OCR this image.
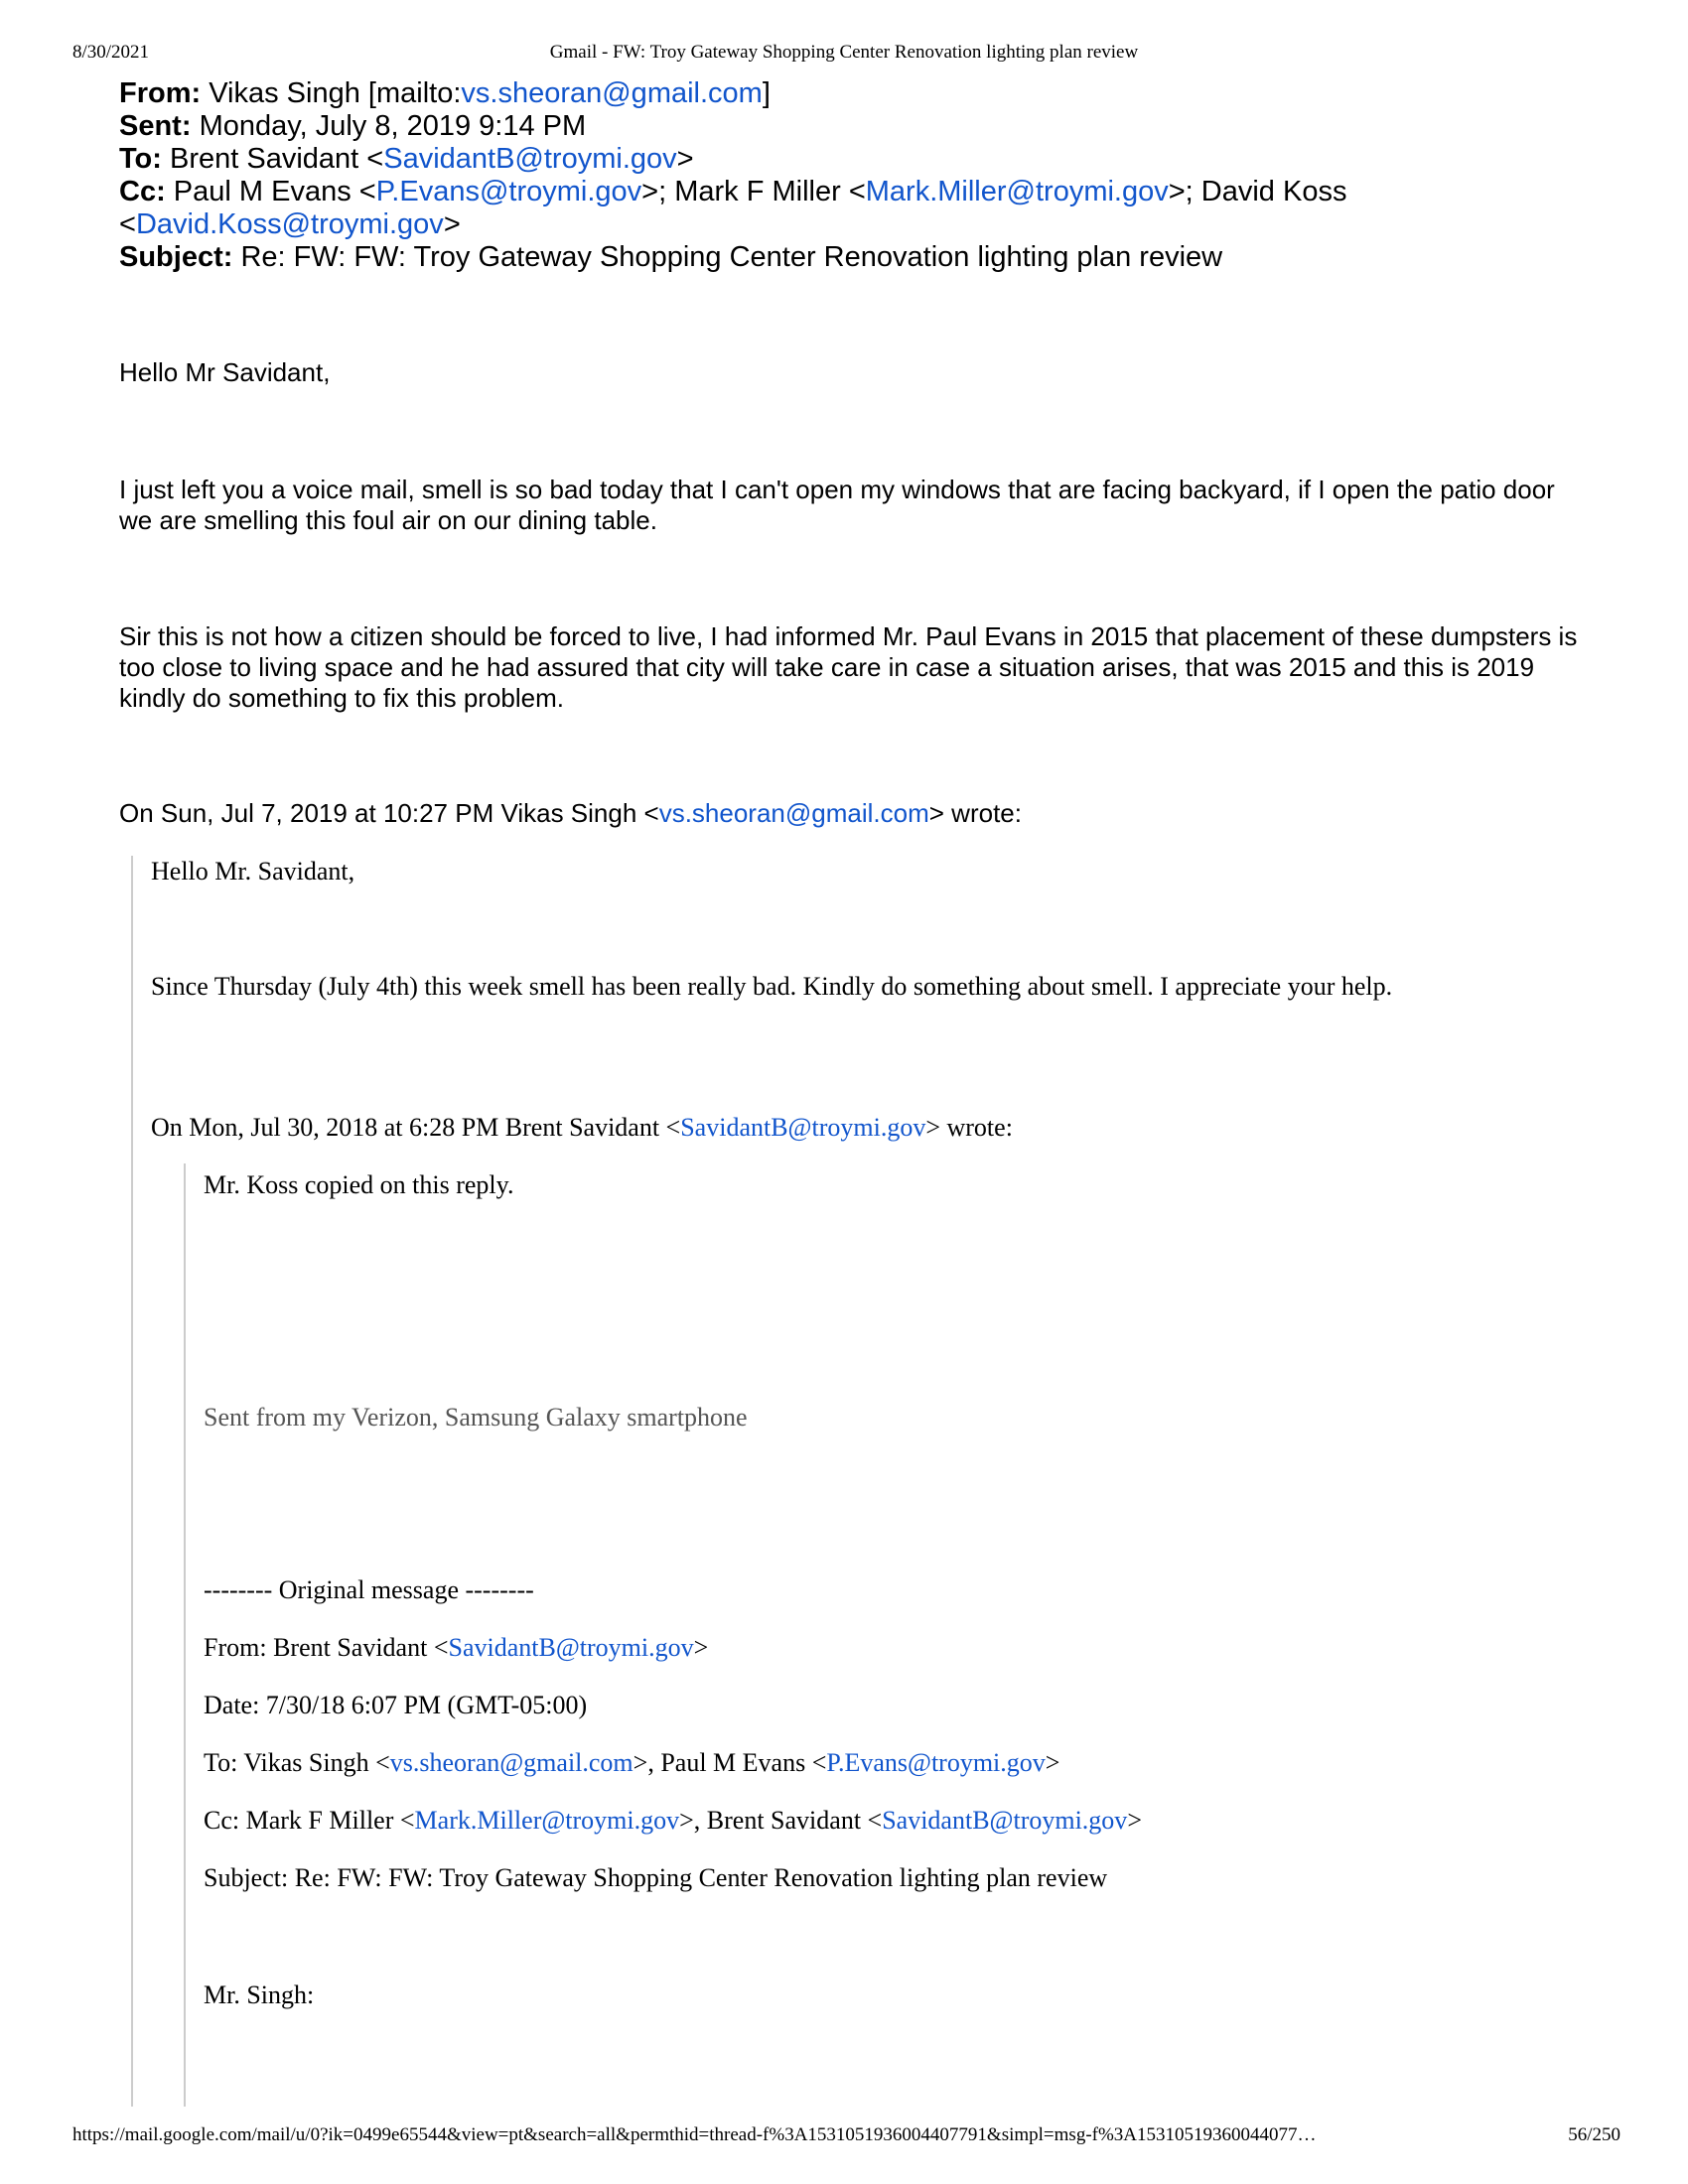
8/30/2021	Gmail - FW: Troy Gateway Shopping Center Renovation lighting plan review
From: Vikas Singh [mailto:vs.sheoran@gmail.com]
Sent: Monday, July 8, 2019 9:14 PM
To: Brent Savidant <SavidantB@troymi.gov>
Cc: Paul M Evans <P.Evans@troymi.gov>; Mark F Miller <Mark.Miller@troymi.gov>; David Koss
<David.Koss@troymi.gov>
Subject: Re: FW: FW: Troy Gateway Shopping Center Renovation lighting plan review
Hello Mr Savidant,

I just left you a voice mail, smell is so bad today that I can't open my windows that are facing backyard, if I open the patio door we are smelling this foul air on our dining table.

Sir this is not how a citizen should be forced to live, I had informed Mr. Paul Evans in 2015 that placement of these dumpsters is too close to living space and he had assured that city will take care in case a situation arises, that was 2015 and this is 2019 kindly do something to fix this problem.

On Sun, Jul 7, 2019 at 10:27 PM Vikas Singh <vs.sheoran@gmail.com> wrote:
Hello Mr. Savidant,

Since Thursday (July 4th) this week smell has been really bad. Kindly do something about smell. I appreciate your help.

On Mon, Jul 30, 2018 at 6:28 PM Brent Savidant <SavidantB@troymi.gov> wrote:
Mr. Koss copied on this reply.
Sent from my Verizon, Samsung Galaxy smartphone
-------- Original message --------
From: Brent Savidant <SavidantB@troymi.gov>
Date: 7/30/18 6:07 PM (GMT-05:00)
To: Vikas Singh <vs.sheoran@gmail.com>, Paul M Evans <P.Evans@troymi.gov>
Cc: Mark F Miller <Mark.Miller@troymi.gov>, Brent Savidant <SavidantB@troymi.gov>
Subject: Re: FW: FW: Troy Gateway Shopping Center Renovation lighting plan review
Mr. Singh:
https://mail.google.com/mail/u/0?ik=0499e65544&view=pt&search=all&permthid=thread-f%3A1531051936004407791&simpl=msg-f%3A15310519360044077…	56/250
